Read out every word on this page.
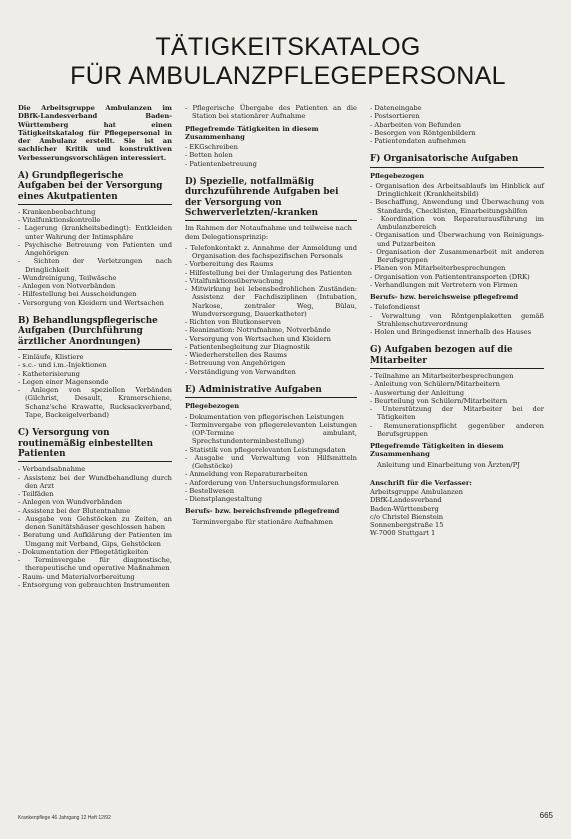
TÄTIGKEITSKATALOG
FÜR AMBULANZPFLEGEPERSONAL

Die Arbeitsgruppe Ambulanzen im DBfK-Landesverband Baden-Württemberg hat einen Tätigkeitskatalog für Pflegepersonal in der Ambulanz erstellt. Sie ist an sachlicher Kritik und konstruktiven Verbesserungsvorschlägen interessiert.

A) Grundpflegerische Aufgaben bei der Versorgung eines Akutpatienten
- Krankenbeobachtung
- Vitalfunktionskontrolle
- Lagerung (krankheitsbedingt): Entkleiden unter Wahrung der Intimsphäre
- Psychische Betreuung von Patienten und Angehörigen
- Sichten der Verletzungen nach Dringlichkeit
- Wundreinigung, Teilwäsche
- Anlegen von Notverbänden
- Hilfestellung bei Ausscheidungen
- Versorgung von Kleidern und Wertsachen
B) Behandlungspflegerische Aufgaben (Durchführung ärztlicher Anordnungen)
- Einläufe, Klistiere
- s.c.- und i.m.-Injektionen
- Katheterisierung
- Legen einer Magensonde
- Anlegen von speziellen Verbänden (Gilchrist, Desault, Kramerschiene, Schanz'sche Krawatte, Rucksackverband, Tape, Backeigelverband)
C) Versorgung von routinemäßig einbestellten Patienten
- Verbandsabnahme
- Assistenz bei der Wundbehandlung durch den Arzt
- Teilfäden
- Anlegen von Wundverbänden
- Assistenz bei der Blutentnahme
- Ausgabe von Gehstöcken zu Zeiten, an denen Sanitätshäuser geschlossen haben
- Beratung und Aufklärung der Patienten im Umgang mit Verband, Gips, Gehstöcken
- Dokumentation der Pflegetätigkeiten
- Terminvergabe für diagnostische, therapeutische und operative Maßnahmen
- Raum- und Materialvorbereitung
- Entsorgung von gebrauchten Instrumenten
- Pflegerische Übergabe des Patienten an die Station bei stationärer Aufnahme
Pflegefremde Tätigkeiten in diesem Zusammenhang
- EKGschreiben
- Betten holen
- Patientenbetreuung
D) Spezielle, notfallmäßig durchzuführende Aufgaben bei der Versorgung von Schwerverletzten/-kranken

Im Rahmen der Notaufnahme und teilweise nach dem Delegationsprinzip:

- Telefonkontakt z. Annahme der Anmeldung und Organisation des fachspezifischen Personals
- Vorbereitung des Raums
- Hilfestellung bei der Umlagerung des Patienten
- Vitalfunktionsüberwachung
- Mitwirkung bei lebensbedrohlichen Zuständen: Assistenz der Fachdisziplinen (Intubation, Narkose, zentraler Weg, Bülau, Wundversorgung, Dauerkatheter)
- Richten von Blutkonserven
- Reanimation: Notrufnahme, Notverbände
- Versorgung von Wertsachen und Kleidern
- Patientenbegleitung zur Diagnostik
- Wiederherstellen des Raums
- Betreuung von Angehörigen
- Verständigung von Verwandten
E) Administrative Aufgaben
Pflegebezogen
- Dokumentation von pflegerischen Leistungen
- Terminvergabe von pflegerelevanten Leistungen (OP-Termine ambulant, Sprechstundenterminbestellung)
- Statistik von pflegerelevanten Leistungsdaten
- Ausgabe und Verwaltung von Hilfsmitteln (Gehstöcke)
- Anmeldung von Reparaturarbeiten
- Anforderung von Untersuchungsformularen
- Bestellwesen
- Dienstplangestaltung
Berufs- bzw. bereichsfremde pflegefremd
Terminvergabe für stationäre Aufnahmen
- Dateneingabe
- Postsortieren
- Abarbeiten von Befunden
- Besorgen von Röntgenbildern
- Patientendaten aufnehmen
F) Organisatorische Aufgaben
Pflegebezogen
- Organisation des Arbeitsablaufs im Hinblick auf Dringlichkeit (Krankheitsbild)
- Beschaffung, Anwendung und Überwachung von Standards, Checklisten, Einarbeitungshilfen
- Koordination von Reparaturausführung im Ambulanzbereich
- Organisation und Überwachung von Reinigungs- und Putzarbeiten
- Organisation der Zusammenarbeit mit anderen Berufsgruppen
- Planen von Mitarbeiterbesprechungen
- Organisation von Patiententransporten (DRK)
- Verhandlungen mit Vertretern von Firmen
Berufs- bzw. bereichsweise pflegefremd
- Telefondienst
- Verwaltung von Röntgenplaketten gemäß Strahlenschutzverordnung
- Holen und Bringedienst innerhalb des Hauses
G) Aufgaben bezogen auf die Mitarbeiter
- Teilnahme an Mitarbeiterbesprechungen
- Anleitung von Schülern/Mitarbeitern
- Auswertung der Anleitung
- Beurteilung von Schülern/Mitarbeitern
- Unterstützung der Mitarbeiter bei der Tätigkeiten
- Remunerationspflicht gegenüber anderen Berufsgruppen
Pflegefremde Tätigkeiten in diesem Zusammenhang
Anleitung und Einarbeitung von Ärzten/PJ
Anschrift für die Verfasser:
Arbeitsgruppe Ambulanzen
DBfK-Landesverband
Baden-Württemberg
c/o Christel Bienstein
Sonnenbergstraße 15
W-7000 Stuttgart 1
Krankenpflege 46 Jahrgang 12 Heft 12/92	665
